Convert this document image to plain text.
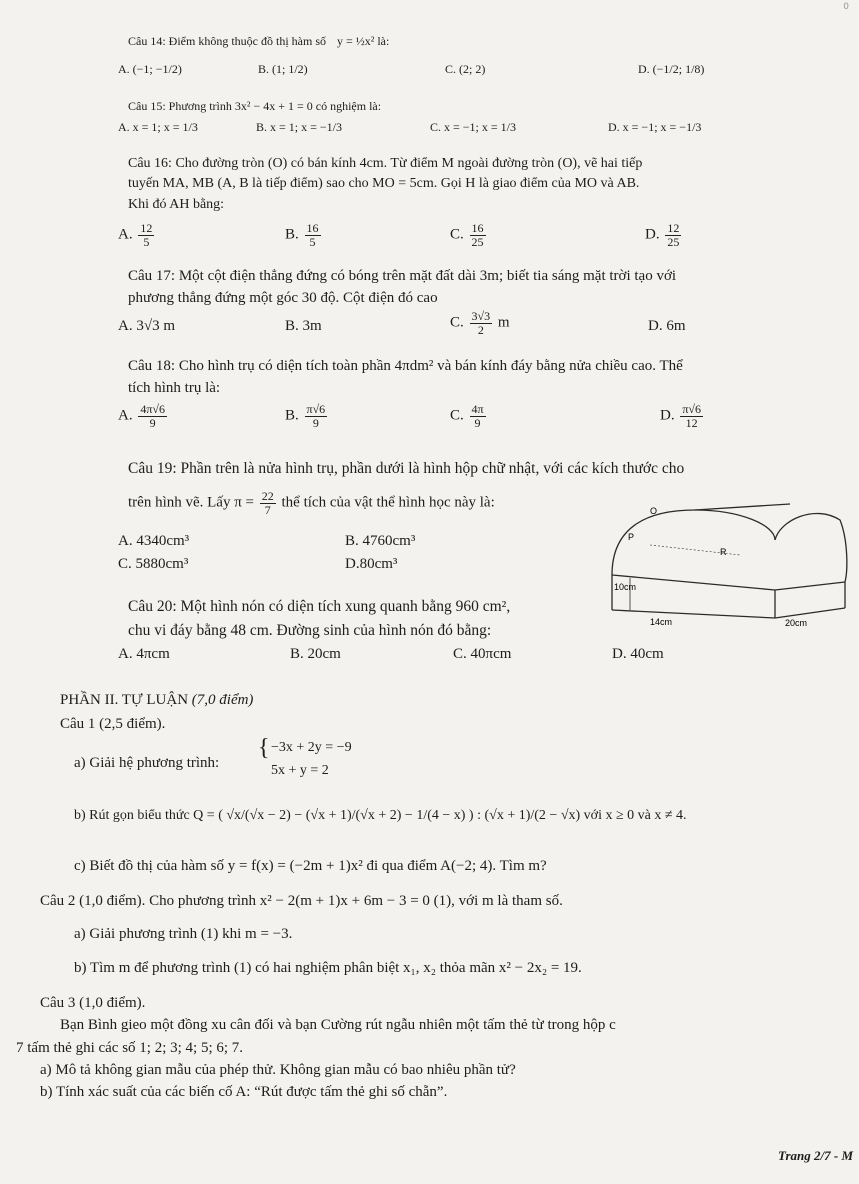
0
Câu 14: Điểm không thuộc đồ thị hàm số y = ½x² là:
A. (−1; −1/2)	B. (1; 1/2)	C. (2; 2)	D. (−1/2; 1/8)
Câu 15: Phương trình 3x² − 4x + 1 = 0 có nghiệm là:
A. x = 1; x = 1/3	B. x = 1; x = −1/3	C. x = −1; x = 1/3	D. x = −1; x = −1/3
Câu 16: Cho đường tròn (O) có bán kính 4cm. Từ điểm M ngoài đường tròn (O), vẽ hai tiếp
tuyến MA, MB (A, B là tiếp điểm) sao cho MO = 5cm. Gọi H là giao điểm của MO và AB.
Khi đó AH bằng:
A. $\frac{12}{5}$	B. $\frac{16}{5}$	C. $\frac{16}{25}$	D. $\frac{12}{25}$
Câu 17: Một cột điện thẳng đứng có bóng trên mặt đất dài 3m; biết tia sáng mặt trời tạo với
phương thẳng đứng một góc 30 độ. Cột điện đó cao
A. 3√3 m	B. 3m	C. $\frac{3√3}{2}$ m	D. 6m
Câu 18: Cho hình trụ có diện tích toàn phần 4πdm² và bán kính đáy bằng nửa chiều cao. Thể
tích hình trụ là:
A. $\frac{4\pi√6}{9}$	B. $\frac{\pi√6}{9}$	C. $\frac{4\pi}{9}$	D. $\frac{\pi√6}{12}$
Câu 19: Phần trên là nửa hình trụ, phần dưới là hình hộp chữ nhật, với các kích thước cho
trên hình vẽ. Lấy $\pi = \frac{22}{7}$ thể tích của vật thể hình học này là:
A. 4340cm³	B. 4760cm³
C. 5880cm³	D.80cm³
O
P
R
10cm
14cm	20cm
Câu 20: Một hình nón có diện tích xung quanh bằng 960 cm²,
chu vi đáy bằng 48 cm. Đường sinh của hình nón đó bằng:
A. 4πcm	B. 20cm	C. 40πcm	D. 40cm
PHẦN II. TỰ LUẬN (7,0 điểm)
Câu 1 (2,5 điểm).
a) Giải hệ phương trình:
{ −3x + 2y = −9
5x + y = 2
b) Rút gọn biểu thức Q = ( √x/(√x − 2) − (√x + 1)/(√x + 2) − 1/(4 − x) ) : (√x + 1)/(2 − √x) với x ≥ 0 và x ≠ 4.
c) Biết đồ thị của hàm số y = f(x) = (−2m + 1)x² đi qua điểm A(−2; 4). Tìm m?
Câu 2 (1,0 điểm). Cho phương trình x² − 2(m + 1)x + 6m − 3 = 0 (1), với m là tham số.
a) Giải phương trình (1) khi m = −3.
b) Tìm m để phương trình (1) có hai nghiệm phân biệt x₁, x₂ thỏa mãn x² − 2x₂ = 19.
Câu 3 (1,0 điểm).
Bạn Bình gieo một đồng xu cân đối và bạn Cường rút ngẫu nhiên một tấm thẻ từ trong hộp c
7 tấm thẻ ghi các số 1; 2; 3; 4; 5; 6; 7.
a) Mô tả không gian mẫu của phép thử. Không gian mẫu có bao nhiêu phần tử?
b) Tính xác suất của các biến cố A: “Rút được tấm thẻ ghi số chẵn”.
Trang 2/7 - M
